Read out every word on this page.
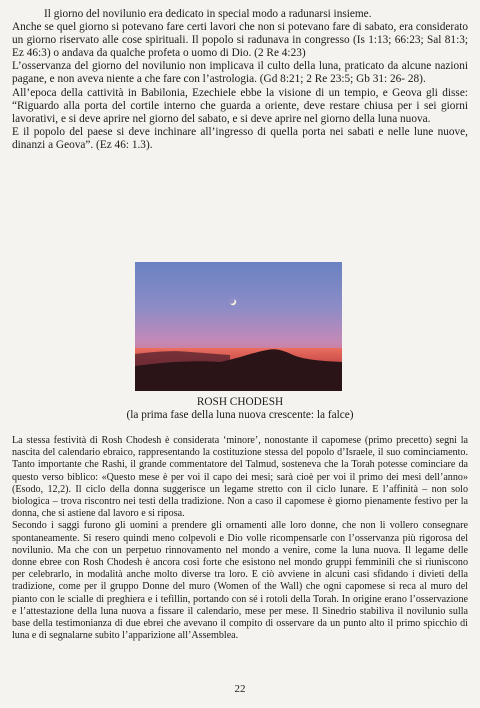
Il giorno del novilunio era dedicato in special modo a radunarsi insieme.

Anche se quel giorno si potevano fare certi lavori che non si potevano fare di sabato, era considerato un giorno riservato alle cose spirituali. Il popolo si radunava in congresso (Is 1:13; 66:23; Sal 81:3; Ez 46:3) o andava da qualche profeta o uomo di Dio. (2 Re 4:23)

L’osservanza del giorno del novilunio non implicava il culto della luna, praticato da alcune nazioni pagane, e non aveva niente a che fare con l’astrologia. (Gd 8:21; 2 Re 23:5; Gb 31: 26- 28).

All’epoca della cattività in Babilonia, Ezechiele ebbe la visione di un tempio, e Geova gli disse: “Riguardo alla porta del cortile interno che guarda a oriente, deve restare chiusa per i sei giorni lavorativi, e si deve aprire nel giorno del sabato, e si deve aprire nel giorno della luna nuova.

E il popolo del paese si deve inchinare all’ingresso di quella porta nei sabati e nelle lune nuove, dinanzi a Geova”. (Ez 46: 1.3).

ROSH CHODESH
(la prima fase della luna nuova crescente: la falce)

La stessa festività di Rosh Chodesh è considerata ‘minore’, nonostante il capomese (primo precetto) segni la nascita del calendario ebraico, rappresentando la costituzione stessa del popolo d’Israele, il suo cominciamento. Tanto importante che Rashi, il grande commentatore del Talmud, sosteneva che la Torah potesse cominciare da questo verso biblico: «Questo mese è per voi il capo dei mesi; sarà cioè per voi il primo dei mesi dell’anno» (Esodo, 12,2). Il ciclo della donna suggerisce un legame stretto con il ciclo lunare. E l’affinità – non solo biologica – trova riscontro nei testi della tradizione. Non a caso il capomese è giorno pienamente festivo per la donna, che si astiene dal lavoro e si riposa.

Secondo i saggi furono gli uomini a prendere gli ornamenti alle loro donne, che non li vollero consegnare spontaneamente. Si resero quindi meno colpevoli e Dio volle ricompensarle con l’osservanza più rigorosa del novilunio. Ma che con un perpetuo rinnovamento nel mondo a venire, come la luna nuova. Il legame delle donne ebree con Rosh Chodesh è ancora così forte che esistono nel mondo gruppi femminili che si riuniscono per celebrarlo, in modalità anche molto diverse tra loro. E ciò avviene in alcuni casi sfidando i divieti della tradizione, come per il gruppo Donne del muro (Women of the Wall) che ogni capomese si reca al muro del pianto con le scialle di preghiera e i tefillin, portando con sé i rotoli della Torah. In origine erano l’osservazione e l’attestazione della luna nuova a fissare il calendario, mese per mese. Il Sinedrio stabiliva il novilunio sulla base della testimonianza di due ebrei che avevano il compito di osservare da un punto alto il primo spicchio di luna e di segnalarne subito l’apparizione all’Assemblea.

22
